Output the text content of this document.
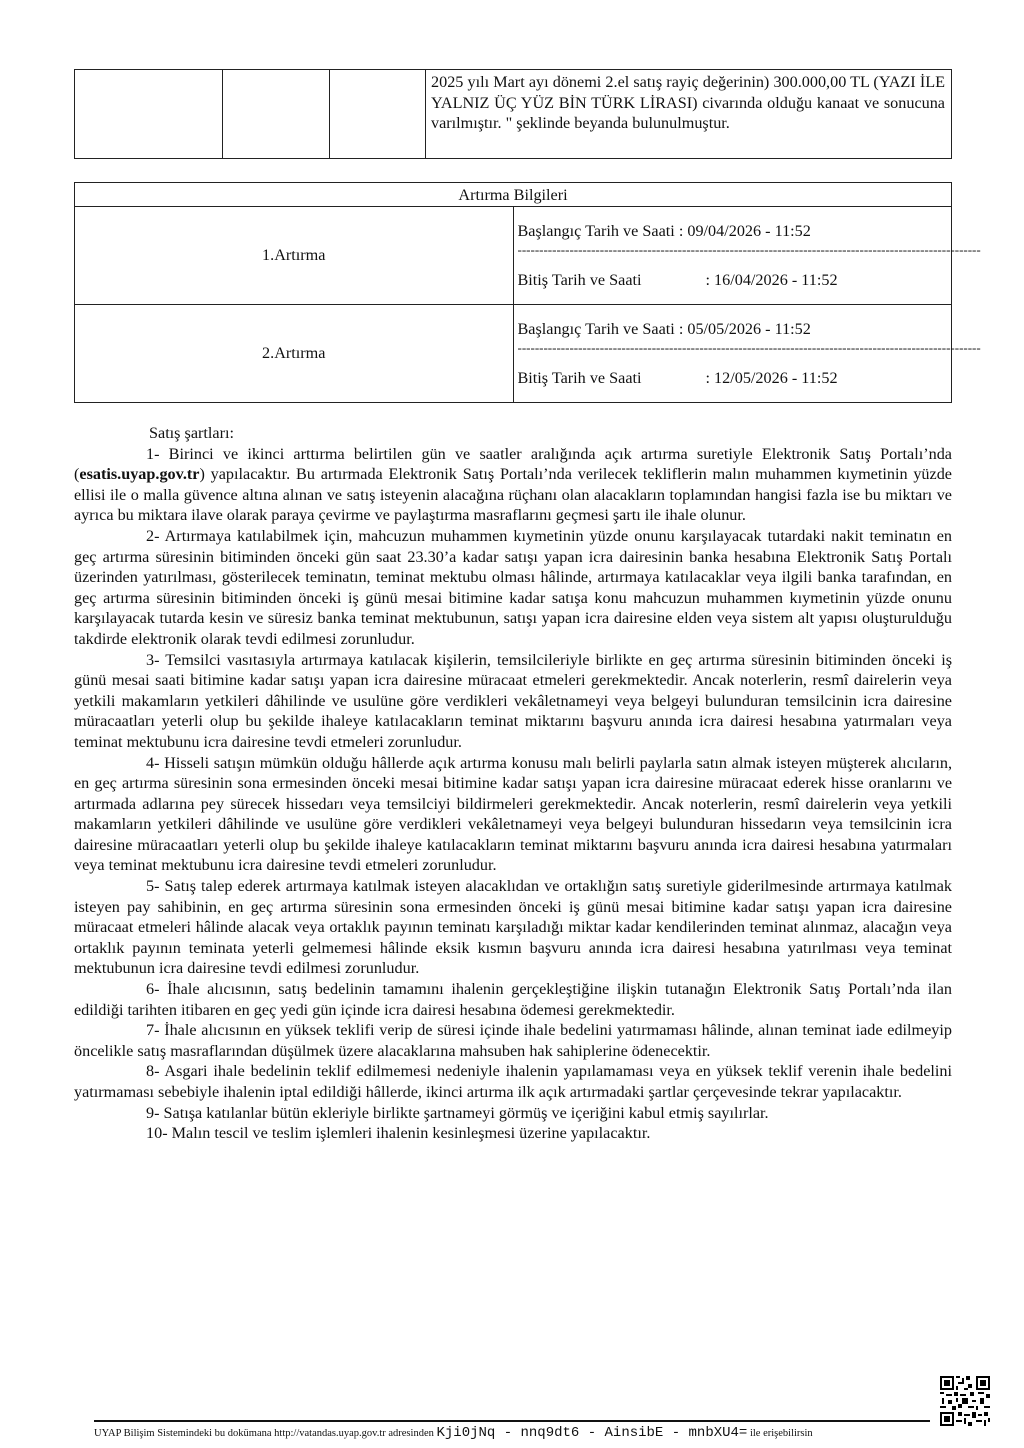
			2025 yılı Mart ayı dönemi 2.el satış rayiç değerinin) 300.000,00 TL (YAZI İLE YALNIZ ÜÇ YÜZ BİN TÜRK LİRASI) civarında olduğu kanaat ve sonucuna varılmıştır. " şeklinde beyanda bulunulmuştur.
Artırma Bilgileri	
1.Artırma	Başlangıç Tarih ve Saati : 09/04/2026 - 11:52
-----------------------------------------------------------------------------------------------------------
Bitiş Tarih ve Saati : 16/04/2026 - 11:52

2.Artırma	Başlangıç Tarih ve Saati : 05/05/2026 - 11:52
-----------------------------------------------------------------------------------------------------------
Bitiş Tarih ve Saati : 12/05/2026 - 11:52

Satış şartları:

1- Birinci ve ikinci arttırma belirtilen gün ve saatler aralığında açık artırma suretiyle Elektronik Satış Portalı’nda (esatis.uyap.gov.tr) yapılacaktır. Bu artırmada Elektronik Satış Portalı’nda verilecek tekliflerin malın muhammen kıymetinin yüzde ellisi ile o malla güvence altına alınan ve satış isteyenin alacağına rüçhanı olan alacakların toplamından hangisi fazla ise bu miktarı ve ayrıca bu miktara ilave olarak paraya çevirme ve paylaştırma masraflarını geçmesi şartı ile ihale olunur.

2- Artırmaya katılabilmek için, mahcuzun muhammen kıymetinin yüzde onunu karşılayacak tutardaki nakit teminatın en geç artırma süresinin bitiminden önceki gün saat 23.30’a kadar satışı yapan icra dairesinin banka hesabına Elektronik Satış Portalı üzerinden yatırılması, gösterilecek teminatın, teminat mektubu olması hâlinde, artırmaya katılacaklar veya ilgili banka tarafından, en geç artırma süresinin bitiminden önceki iş günü mesai bitimine kadar satışa konu mahcuzun muhammen kıymetinin yüzde onunu karşılayacak tutarda kesin ve süresiz banka teminat mektubunun, satışı yapan icra dairesine elden veya sistem alt yapısı oluşturulduğu takdirde elektronik olarak tevdi edilmesi zorunludur.

3- Temsilci vasıtasıyla artırmaya katılacak kişilerin, temsilcileriyle birlikte en geç artırma süresinin bitiminden önceki iş günü mesai saati bitimine kadar satışı yapan icra dairesine müracaat etmeleri gerekmektedir. Ancak noterlerin, resmî dairelerin veya yetkili makamların yetkileri dâhilinde ve usulüne göre verdikleri vekâletnameyi veya belgeyi bulunduran temsilcinin icra dairesine müracaatları yeterli olup bu şekilde ihaleye katılacakların teminat miktarını başvuru anında icra dairesi hesabına yatırmaları veya teminat mektubunu icra dairesine tevdi etmeleri zorunludur.

4- Hisseli satışın mümkün olduğu hâllerde açık artırma konusu malı belirli paylarla satın almak isteyen müşterek alıcıların, en geç artırma süresinin sona ermesinden önceki mesai bitimine kadar satışı yapan icra dairesine müracaat ederek hisse oranlarını ve artırmada adlarına pey sürecek hissedarı veya temsilciyi bildirmeleri gerekmektedir. Ancak noterlerin, resmî dairelerin veya yetkili makamların yetkileri dâhilinde ve usulüne göre verdikleri vekâletnameyi veya belgeyi bulunduran hissedarın veya temsilcinin icra dairesine müracaatları yeterli olup bu şekilde ihaleye katılacakların teminat miktarını başvuru anında icra dairesi hesabına yatırmaları veya teminat mektubunu icra dairesine tevdi etmeleri zorunludur.

5- Satış talep ederek artırmaya katılmak isteyen alacaklıdan ve ortaklığın satış suretiyle giderilmesinde artırmaya katılmak isteyen pay sahibinin, en geç artırma süresinin sona ermesinden önceki iş günü mesai bitimine kadar satışı yapan icra dairesine müracaat etmeleri hâlinde alacak veya ortaklık payının teminatı karşıladığı miktar kadar kendilerinden teminat alınmaz, alacağın veya ortaklık payının teminata yeterli gelmemesi hâlinde eksik kısmın başvuru anında icra dairesi hesabına yatırılması veya teminat mektubunun icra dairesine tevdi edilmesi zorunludur.

6- İhale alıcısının, satış bedelinin tamamını ihalenin gerçekleştiğine ilişkin tutanağın Elektronik Satış Portalı’nda ilan edildiği tarihten itibaren en geç yedi gün içinde icra dairesi hesabına ödemesi gerekmektedir.

7- İhale alıcısının en yüksek teklifi verip de süresi içinde ihale bedelini yatırmaması hâlinde, alınan teminat iade edilmeyip öncelikle satış masraflarından düşülmek üzere alacaklarına mahsuben hak sahiplerine ödenecektir.

8- Asgari ihale bedelinin teklif edilmemesi nedeniyle ihalenin yapılamaması veya en yüksek teklif verenin ihale bedelini yatırmaması sebebiyle ihalenin iptal edildiği hâllerde, ikinci artırma ilk açık artırmadaki şartlar çerçevesinde tekrar yapılacaktır.

9- Satışa katılanlar bütün ekleriyle birlikte şartnameyi görmüş ve içeriğini kabul etmiş sayılırlar.

10- Malın tescil ve teslim işlemleri ihalenin kesinleşmesi üzerine yapılacaktır.

UYAP Bilişim Sistemindeki bu dokümana http://vatandas.uyap.gov.tr adresinden Kji0jNq - nnq9dt6 - AinsibE - mnbXU4= ile erişebilirsin
